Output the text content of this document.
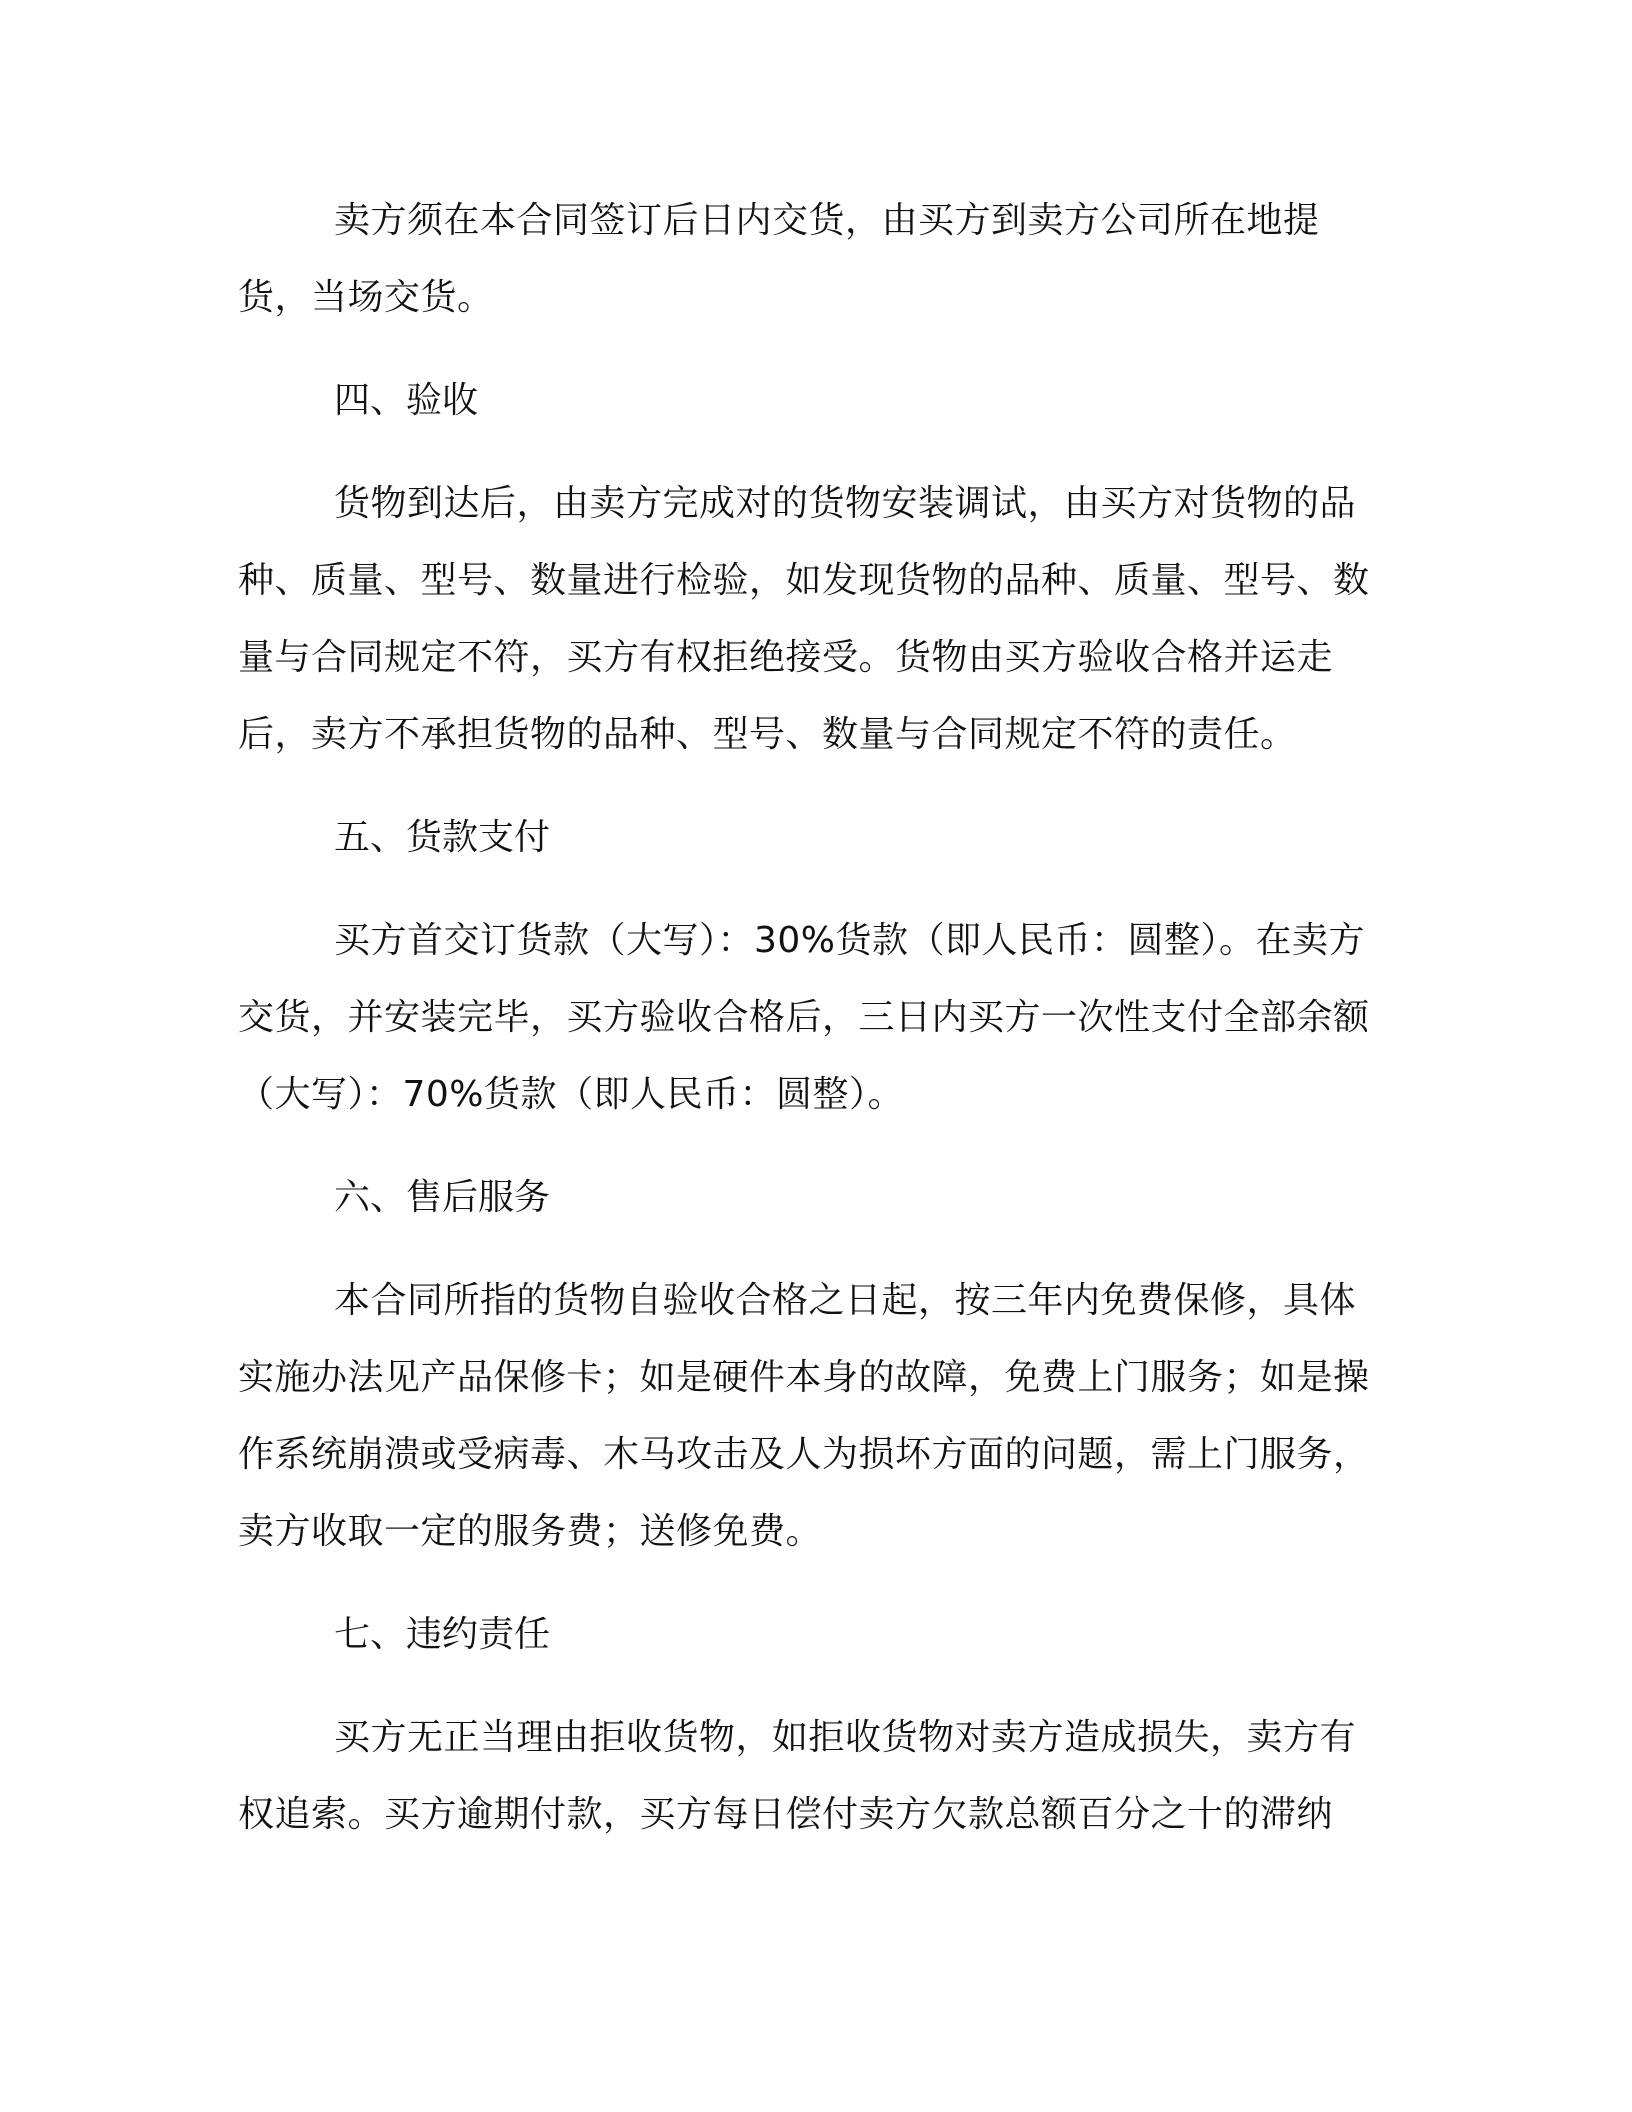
卖方须在本合同签订后日内交货，由买方到卖方公司所在地提货，当场交货。

四、验收

货物到达后，由卖方完成对的货物安装调试，由买方对货物的品种、质量、型号、数量进行检验，如发现货物的品种、质量、型号、数量与合同规定不符，买方有权拒绝接受。货物由买方验收合格并运走后，卖方不承担货物的品种、型号、数量与合同规定不符的责任。

五、货款支付

买方首交订货款（大写）：30%货款（即人民币：圆整）。在卖方交货，并安装完毕，买方验收合格后，三日内买方一次性支付全部余额（大写）：70%货款（即人民币：圆整）。

六、售后服务

本合同所指的货物自验收合格之日起，按三年内免费保修，具体实施办法见产品保修卡；如是硬件本身的故障，免费上门服务；如是操作系统崩溃或受病毒、木马攻击及人为损坏方面的问题，需上门服务，卖方收取一定的服务费；送修免费。

七、违约责任

买方无正当理由拒收货物，如拒收货物对卖方造成损失，卖方有权追索。买方逾期付款，买方每日偿付卖方欠款总额百分之十的滞纳
